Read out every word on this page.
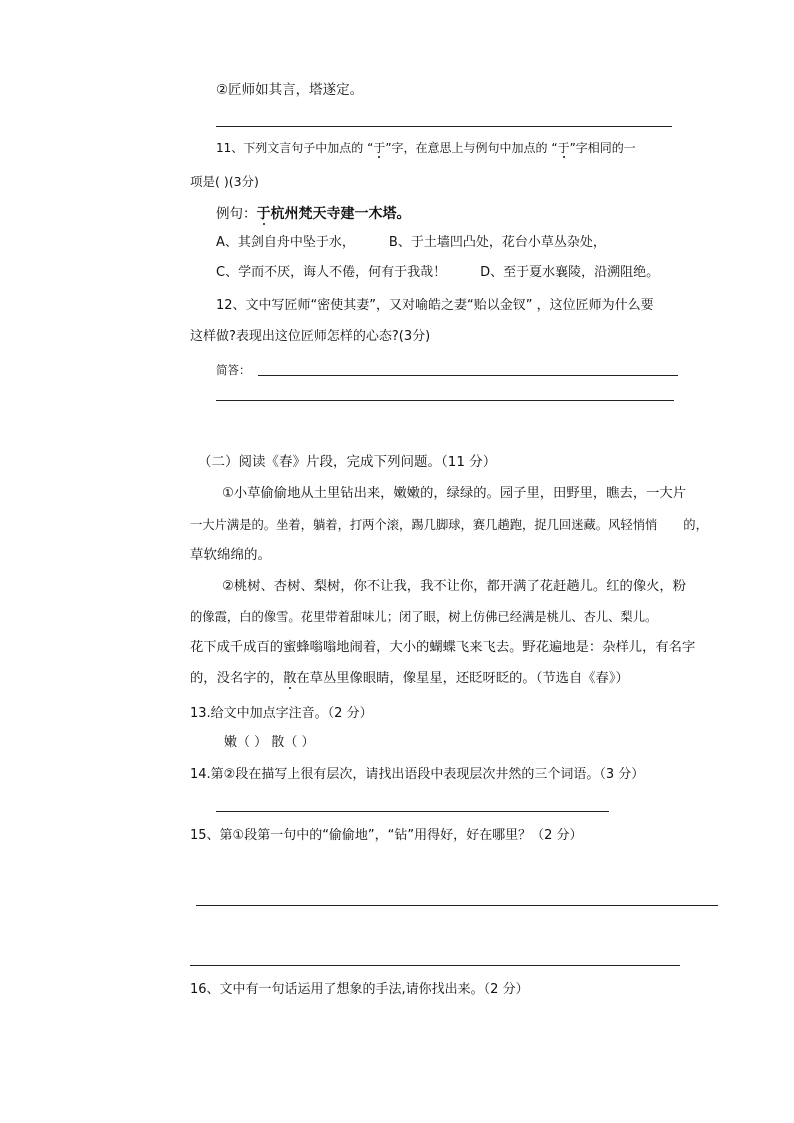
②匠师如其言，塔遂定。
11、下列文言句子中加点的 “于”字，在意思上与例句中加点的 “于”字相同的一
项是( )(3分)
例句：于杭州梵天寺建一木塔。
A、其剑自舟中坠于水，	B、于土墙凹凸处，花台小草丛杂处，
C、学而不厌，诲人不倦，何有于我哉！	D、至于夏水襄陵，沿溯阻绝。
12、文中写匠师“密使其妻”，又对喻皓之妻“贻以金钗” ，这位匠师为什么要
这样做?表现出这位匠师怎样的心态?(3分)
简答：
（二）阅读《春》片段，完成下列问题。（11 分）
①小草偷偷地从土里钻出来，嫩嫩的，绿绿的。园子里，田野里，瞧去，一大片
一大片满是的。坐着，躺着，打两个滚，踢几脚球，赛几趟跑，捉几回迷藏。风轻悄悄 的，
草软绵绵的。
②桃树、杏树、梨树，你不让我，我不让你，都开满了花赶趟儿。红的像火，粉
的像霞，白的像雪。花里带着甜味儿；闭了眼，树上仿佛已经满是桃儿、杏儿、梨儿。
花下成千成百的蜜蜂嗡嗡地闹着，大小的蝴蝶飞来飞去。野花遍地是：杂样儿，有名字
的，没名字的，散在草丛里像眼睛，像星星，还眨呀眨的。（节选自《春》）
13.给文中加点字注音。（2 分）
嫩（ ） 散（ ）
14.第②段在描写上很有层次，请找出语段中表现层次井然的三个词语。（3 分）
15、第①段第一句中的“偷偷地”，“钻”用得好，好在哪里？（2 分）
16、文中有一句话运用了想象的手法,请你找出来。（2 分）
